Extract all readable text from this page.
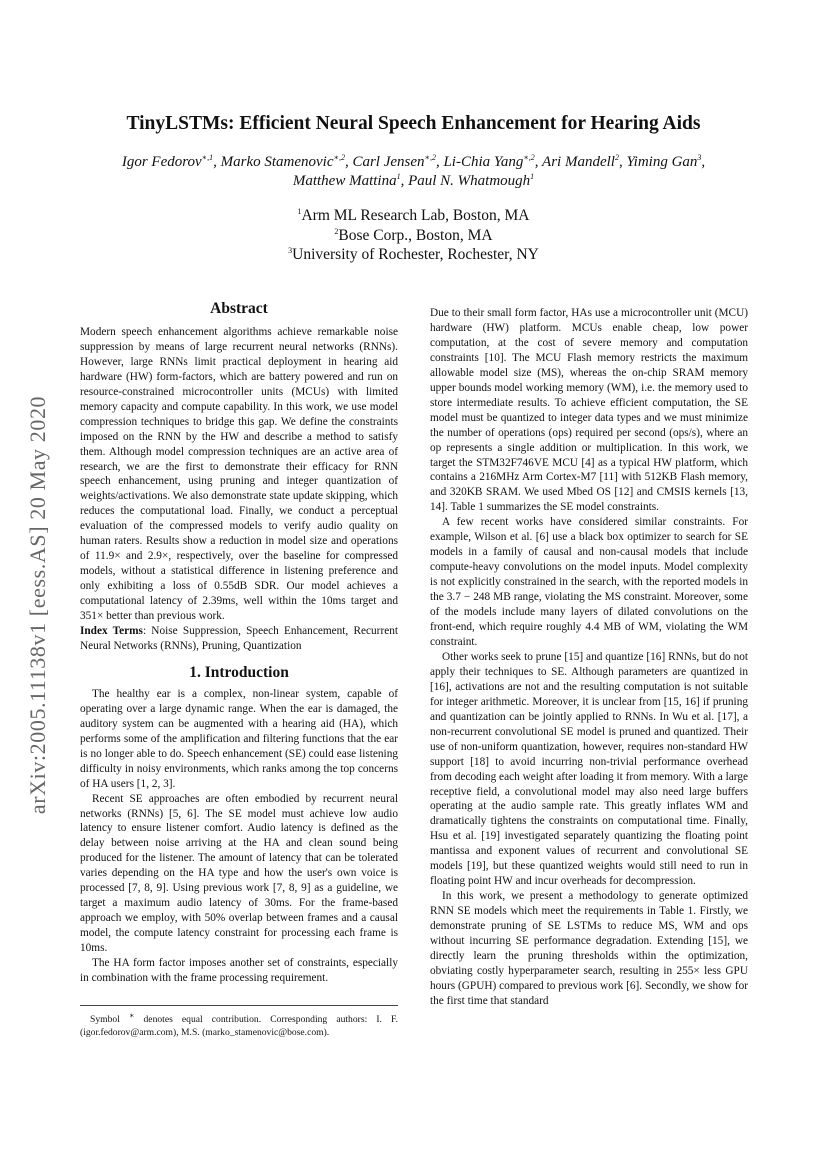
arXiv:2005.11138v1 [eess.AS] 20 May 2020
TinyLSTMs: Efficient Neural Speech Enhancement for Hearing Aids
Igor Fedorov$^{∗,1}$, Marko Stamenovic$^{∗,2}$, Carl Jensen$^{∗,2}$, Li-Chia Yang$^{∗,2}$, Ari Mandell$^2$, Yiming Gan$^3$,
Matthew Mattina$^1$, Paul N. Whatmough$^1$
$^1$Arm ML Research Lab, Boston, MA
$^2$Bose Corp., Boston, MA
$^3$University of Rochester, Rochester, NY
Abstract

Modern speech enhancement algorithms achieve remarkable noise suppression by means of large recurrent neural networks (RNNs). However, large RNNs limit practical deployment in hearing aid hardware (HW) form-factors, which are battery powered and run on resource-constrained microcontroller units (MCUs) with limited memory capacity and compute capability. In this work, we use model compression techniques to bridge this gap. We define the constraints imposed on the RNN by the HW and describe a method to satisfy them. Although model compression techniques are an active area of research, we are the first to demonstrate their efficacy for RNN speech enhancement, using pruning and integer quantization of weights/activations. We also demonstrate state update skipping, which reduces the computational load. Finally, we conduct a perceptual evaluation of the compressed models to verify audio quality on human raters. Results show a reduction in model size and operations of 11.9× and 2.9×, respectively, over the baseline for compressed models, without a statistical difference in listening preference and only exhibiting a loss of 0.55dB SDR. Our model achieves a computational latency of 2.39ms, well within the 10ms target and 351× better than previous work.

Index Terms: Noise Suppression, Speech Enhancement, Recurrent Neural Networks (RNNs), Pruning, Quantization

1. Introduction

The healthy ear is a complex, non-linear system, capable of operating over a large dynamic range. When the ear is damaged, the auditory system can be augmented with a hearing aid (HA), which performs some of the amplification and filtering functions that the ear is no longer able to do. Speech enhancement (SE) could ease listening difficulty in noisy environments, which ranks among the top concerns of HA users [1, 2, 3].

Recent SE approaches are often embodied by recurrent neural networks (RNNs) [5, 6]. The SE model must achieve low audio latency to ensure listener comfort. Audio latency is defined as the delay between noise arriving at the HA and clean sound being produced for the listener. The amount of latency that can be tolerated varies depending on the HA type and how the user's own voice is processed [7, 8, 9]. Using previous work [7, 8, 9] as a guideline, we target a maximum audio latency of 30ms. For the frame-based approach we employ, with 50% overlap between frames and a causal model, the compute latency constraint for processing each frame is 10ms.

The HA form factor imposes another set of constraints, especially in combination with the frame processing requirement.

Symbol ∗ denotes equal contribution. Corresponding authors: I. F. (igor.fedorov@arm.com), M.S. (marko_stamenovic@bose.com).

Due to their small form factor, HAs use a microcontroller unit (MCU) hardware (HW) platform. MCUs enable cheap, low power computation, at the cost of severe memory and computation constraints [10]. The MCU Flash memory restricts the maximum allowable model size (MS), whereas the on-chip SRAM memory upper bounds model working memory (WM), i.e. the memory used to store intermediate results. To achieve efficient computation, the SE model must be quantized to integer data types and we must minimize the number of operations (ops) required per second (ops/s), where an op represents a single addition or multiplication. In this work, we target the STM32F746VE MCU [4] as a typical HW platform, which contains a 216MHz Arm Cortex-M7 [11] with 512KB Flash memory, and 320KB SRAM. We used Mbed OS [12] and CMSIS kernels [13, 14]. Table 1 summarizes the SE model constraints.

A few recent works have considered similar constraints. For example, Wilson et al. [6] use a black box optimizer to search for SE models in a family of causal and non-causal models that include compute-heavy convolutions on the model inputs. Model complexity is not explicitly constrained in the search, with the reported models in the 3.7 − 248 MB range, violating the MS constraint. Moreover, some of the models include many layers of dilated convolutions on the front-end, which require roughly 4.4 MB of WM, violating the WM constraint.

Other works seek to prune [15] and quantize [16] RNNs, but do not apply their techniques to SE. Although parameters are quantized in [16], activations are not and the resulting computation is not suitable for integer arithmetic. Moreover, it is unclear from [15, 16] if pruning and quantization can be jointly applied to RNNs. In Wu et al. [17], a non-recurrent convolutional SE model is pruned and quantized. Their use of non-uniform quantization, however, requires non-standard HW support [18] to avoid incurring non-trivial performance overhead from decoding each weight after loading it from memory. With a large receptive field, a convolutional model may also need large buffers operating at the audio sample rate. This greatly inflates WM and dramatically tightens the constraints on computational time. Finally, Hsu et al. [19] investigated separately quantizing the floating point mantissa and exponent values of recurrent and convolutional SE models [19], but these quantized weights would still need to run in floating point HW and incur overheads for decompression.

In this work, we present a methodology to generate optimized RNN SE models which meet the requirements in Table 1. Firstly, we demonstrate pruning of SE LSTMs to reduce MS, WM and ops without incurring SE performance degradation. Extending [15], we directly learn the pruning thresholds within the optimization, obviating costly hyperparameter search, resulting in 255× less GPU hours (GPUH) compared to previous work [6]. Secondly, we show for the first time that standard
